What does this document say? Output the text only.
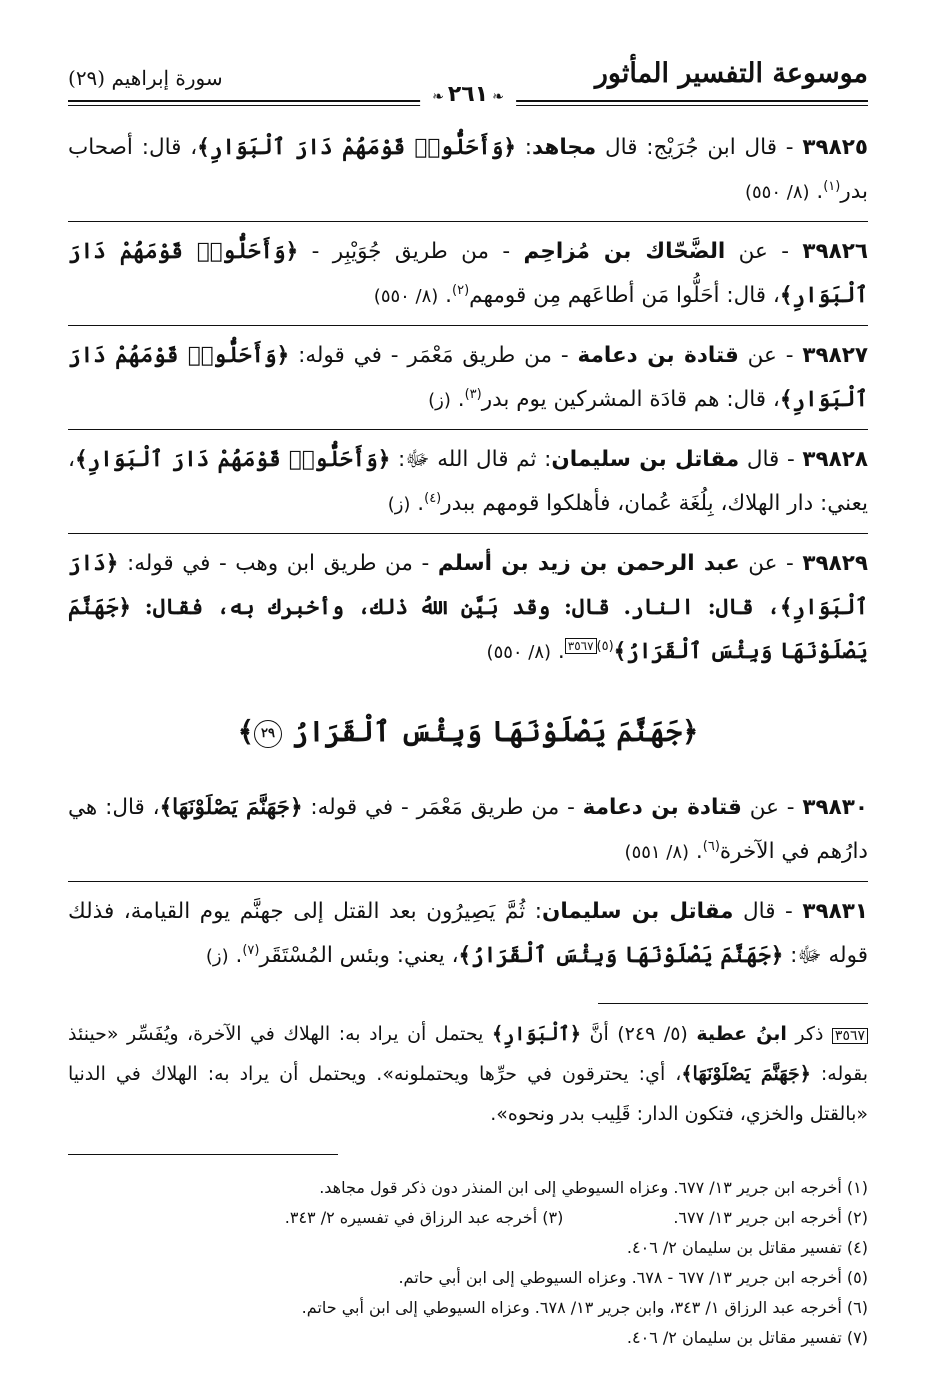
موسوعة التفسير المأثور
❧ ٢٦١ ❧
سورة إبراهيم (٢٩)
٣٩٨٢٥ - قال ابن جُرَيْج: قال مجاهد: ﴿وَأَحَلُّوا۟ قَوْمَهُمْ دَارَ ٱلْبَوَارِ﴾، قال: أصحاب بدر$^{(١)}$. (٨/ ٥٥٠)
٣٩٨٢٦ - عن الضَّحّاك بن مُزاحِم - من طريق جُوَيْبِر - ﴿وَأَحَلُّوا۟ قَوْمَهُمْ دَارَ ٱلْبَوَارِ﴾، قال: أحَلُّوا مَن أطاعَهم مِن قومهم$^{(٢)}$. (٨/ ٥٥٠)
٣٩٨٢٧ - عن قتادة بن دعامة - من طريق مَعْمَر - في قوله: ﴿وَأَحَلُّوا۟ قَوْمَهُمْ دَارَ ٱلْبَوَارِ﴾، قال: هم قادَة المشركين يوم بدر$^{(٣)}$. (ز)
٣٩٨٢٨ - قال مقاتل بن سليمان: ثم قال الله ﷻ: ﴿وَأَحَلُّوا۟ قَوْمَهُمْ دَارَ ٱلْبَوَارِ﴾، يعني: دار الهلاك، بِلُغَة عُمان، فأهلكوا قومهم ببدر$^{(٤)}$. (ز)
٣٩٨٢٩ - عن عبد الرحمن بن زيد بن أسلم - من طريق ابن وهب - في قوله: ﴿دَارَ ٱلْبَوَارِ﴾، قال: النار. قال: وقد بَيَّن اللهُ ذلك، وأخبرك به، فقال: ﴿جَهَنَّمَ يَصْلَوْنَهَا وَبِئْسَ ٱلْقَرَارُ﴾$^{(٥)}$٣٥٦٧. (٨/ ٥٥٠)
﴿جَهَنَّمَ يَصْلَوْنَهَا وَبِئْسَ ٱلْقَرَارُ ٢٩﴾
٣٩٨٣٠ - عن قتادة بن دعامة - من طريق مَعْمَر - في قوله: ﴿جَهَنَّمَ يَصْلَوْنَهَا﴾، قال: هي دارُهم في الآخرة$^{(٦)}$. (٨/ ٥٥١)
٣٩٨٣١ - قال مقاتل بن سليمان: ثُمَّ يَصِيرُون بعد القتل إلى جهنَّم يوم القيامة، فذلك قوله ﷻ: ﴿جَهَنَّمَ يَصْلَوْنَهَا وَبِئْسَ ٱلْقَرَارُ﴾، يعني: وبئس المُسْتَقَر$^{(٧)}$. (ز)
٣٥٦٧ ذكر ابنُ عطية (٥/ ٢٤٩) أنَّ ﴿ٱلْبَوَارِ﴾ يحتمل أن يراد به: الهلاك في الآخرة، ويُفَسِّر «حينئذ بقوله: ﴿جَهَنَّمَ يَصْلَوْنَهَا﴾، أي: يحترقون في حرِّها ويحتملونه». ويحتمل أن يراد به: الهلاك في الدنيا «بالقتل والخزي، فتكون الدار: قَلِيب بدر ونحوه».
(١) أخرجه ابن جرير ١٣/ ٦٧٧. وعزاه السيوطي إلى ابن المنذر دون ذكر قول مجاهد.
(٢) أخرجه ابن جرير ١٣/ ٦٧٧.
(٣) أخرجه عبد الرزاق في تفسيره ٢/ ٣٤٣.
(٤) تفسير مقاتل بن سليمان ٢/ ٤٠٦.
(٥) أخرجه ابن جرير ١٣/ ٦٧٧ - ٦٧٨. وعزاه السيوطي إلى ابن أبي حاتم.
(٦) أخرجه عبد الرزاق ١/ ٣٤٣، وابن جرير ١٣/ ٦٧٨. وعزاه السيوطي إلى ابن أبي حاتم.
(٧) تفسير مقاتل بن سليمان ٢/ ٤٠٦.
